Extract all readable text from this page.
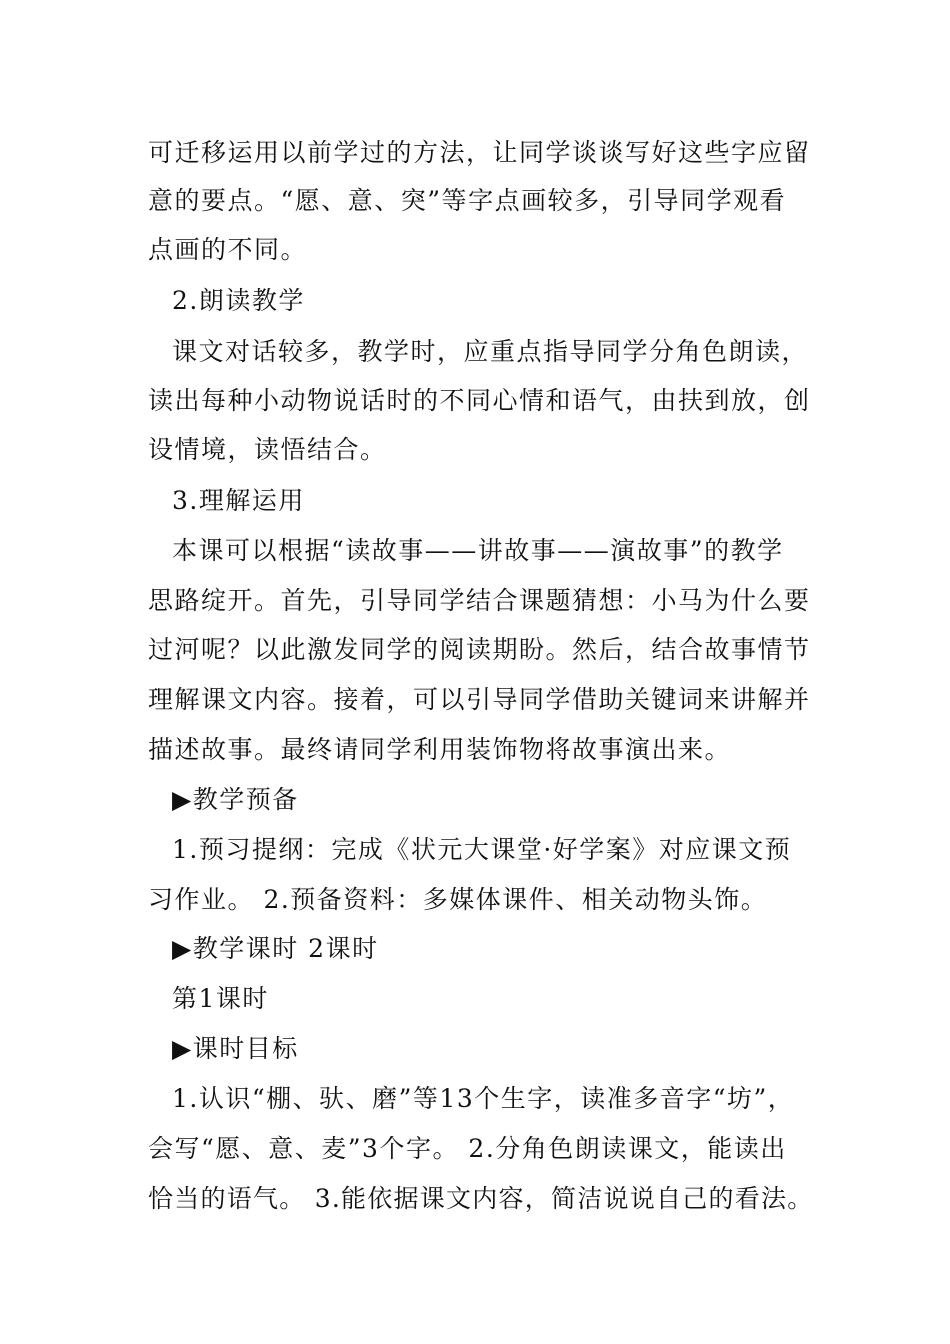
可迁移运用以前学过的方法，让同学谈谈写好这些字应留
意的要点。“愿、意、突”等字点画较多，引导同学观看
点画的不同。
2.朗读教学
课文对话较多，教学时，应重点指导同学分角色朗读，
读出每种小动物说话时的不同心情和语气，由扶到放，创
设情境，读悟结合。
3.理解运用
本课可以根据“读故事——讲故事——演故事”的教学
思路绽开。首先，引导同学结合课题猜想：小马为什么要
过河呢？以此激发同学的阅读期盼。然后，结合故事情节
理解课文内容。接着，可以引导同学借助关键词来讲解并
描述故事。最终请同学利用装饰物将故事演出来。
▶教学预备
1.预习提纲：完成《状元大课堂·好学案》对应课文预
习作业。 2.预备资料：多媒体课件、相关动物头饰。
▶教学课时 2课时
第1课时
▶课时目标
1.认识“棚、驮、磨”等13个生字，读准多音字“坊”，
会写“愿、意、麦”3个字。 2.分角色朗读课文，能读出
恰当的语气。 3.能依据课文内容，简洁说说自己的看法。
